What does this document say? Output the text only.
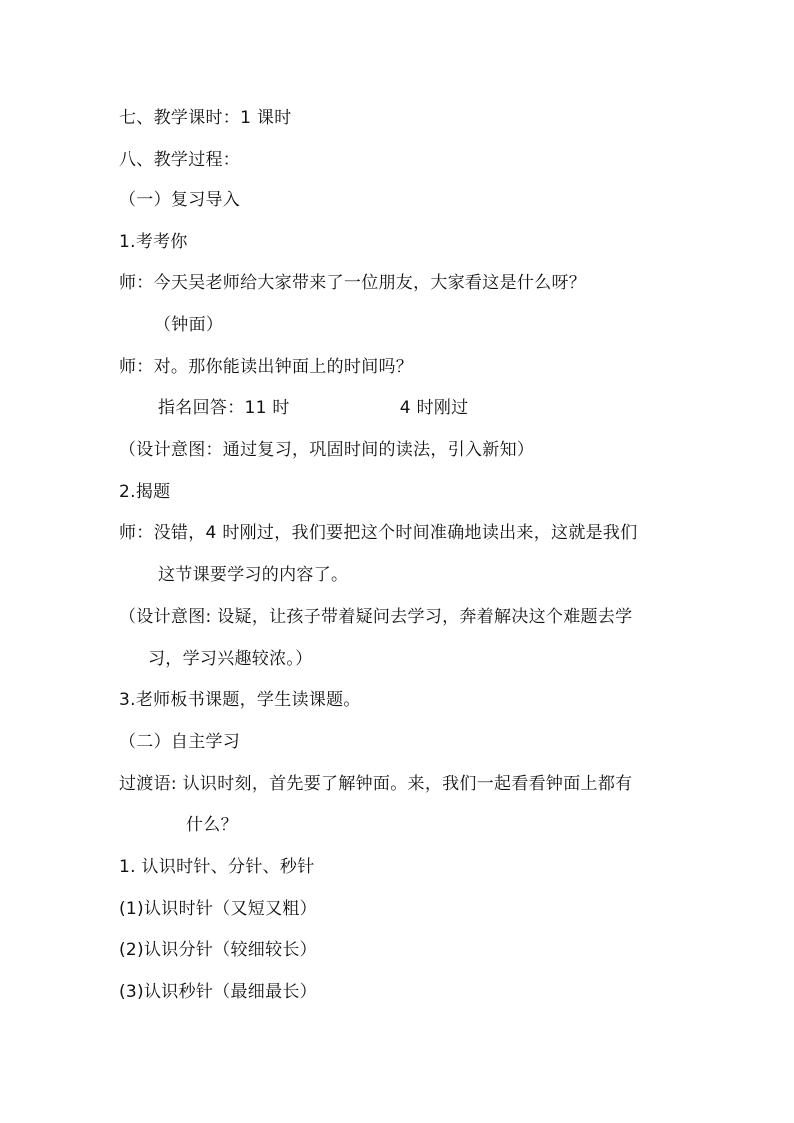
七、教学课时：1 课时
八、教学过程：
（一）复习导入
1.考考你
师：今天吴老师给大家带来了一位朋友，大家看这是什么呀？
（钟面）
师：对。那你能读出钟面上的时间吗？
指名回答：11 时	4 时刚过
（设计意图：通过复习，巩固时间的读法，引入新知）
2.揭题
师：没错，4 时刚过，我们要把这个时间准确地读出来，这就是我们
这节课要学习的内容了。
（设计意图: 设疑，让孩子带着疑问去学习，奔着解决这个难题去学
习，学习兴趣较浓。）
3.老师板书课题，学生读课题。
（二）自主学习
过渡语: 认识时刻，首先要了解钟面。来，我们一起看看钟面上都有
什么？
1. 认识时针、分针、秒针
(1)认识时针（又短又粗）
(2)认识分针（较细较长）
(3)认识秒针（最细最长）
